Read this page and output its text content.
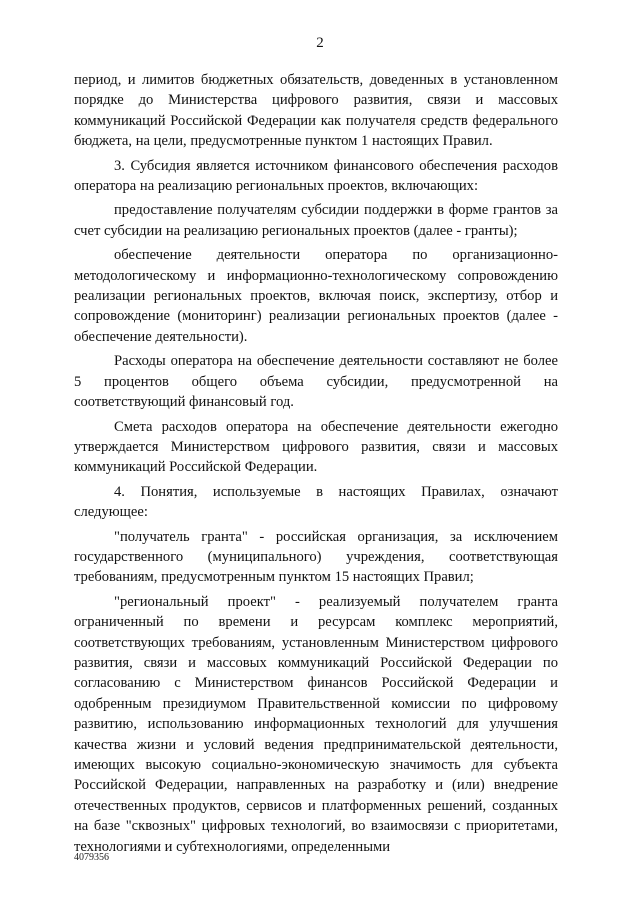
2

период, и лимитов бюджетных обязательств, доведенных в установленном порядке до Министерства цифрового развития, связи и массовых коммуникаций Российской Федерации как получателя средств федерального бюджета, на цели, предусмотренные пунктом 1 настоящих Правил.

3. Субсидия является источником финансового обеспечения расходов оператора на реализацию региональных проектов, включающих:

предоставление получателям субсидии поддержки в форме грантов за счет субсидии на реализацию региональных проектов (далее - гранты);

обеспечение деятельности оператора по организационно-методологическому и информационно-технологическому сопровождению реализации региональных проектов, включая поиск, экспертизу, отбор и сопровождение (мониторинг) реализации региональных проектов (далее - обеспечение деятельности).

Расходы оператора на обеспечение деятельности составляют не более 5 процентов общего объема субсидии, предусмотренной на соответствующий финансовый год.

Смета расходов оператора на обеспечение деятельности ежегодно утверждается Министерством цифрового развития, связи и массовых коммуникаций Российской Федерации.

4. Понятия, используемые в настоящих Правилах, означают следующее:

"получатель гранта" - российская организация, за исключением государственного (муниципального) учреждения, соответствующая требованиям, предусмотренным пунктом 15 настоящих Правил;

"региональный проект" - реализуемый получателем гранта ограниченный по времени и ресурсам комплекс мероприятий, соответствующих требованиям, установленным Министерством цифрового развития, связи и массовых коммуникаций Российской Федерации по согласованию с Министерством финансов Российской Федерации и одобренным президиумом Правительственной комиссии по цифровому развитию, использованию информационных технологий для улучшения качества жизни и условий ведения предпринимательской деятельности, имеющих высокую социально-экономическую значимость для субъекта Российской Федерации, направленных на разработку и (или) внедрение отечественных продуктов, сервисов и платформенных решений, созданных на базе "сквозных" цифровых технологий, во взаимосвязи с приоритетами, технологиями и субтехнологиями, определенными

4079356
